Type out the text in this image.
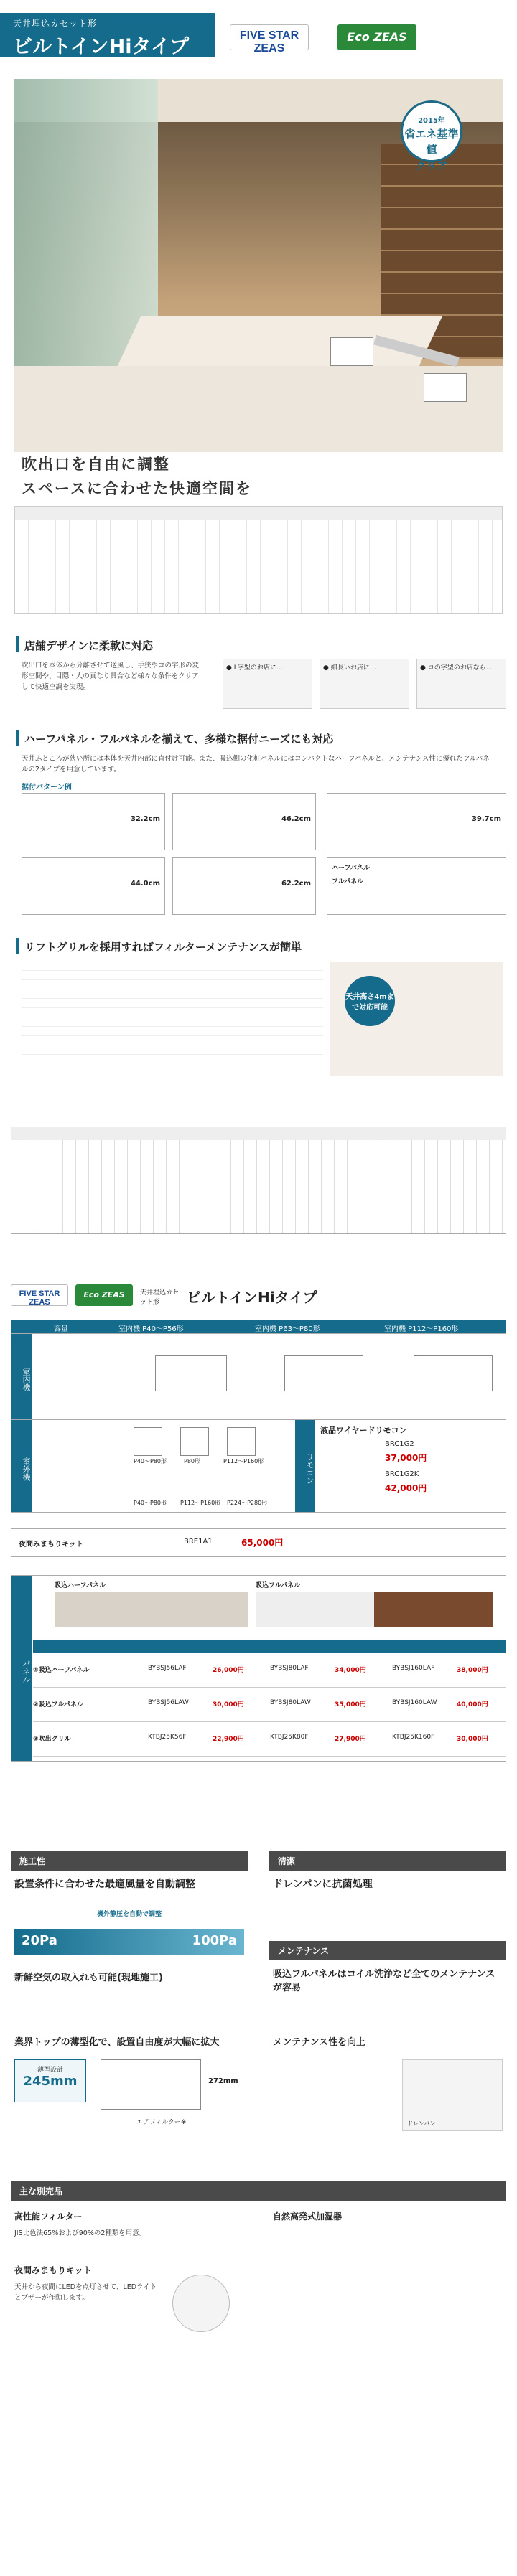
天井埋込カセット形
ビルトインHiタイプ
FIVE STAR ZEAS
Eco ZEAS
2015年
省エネ基準値
クリア
吹出口を自由に調整
スペースに合わせた快適空間を
店舗デザインに柔軟に対応
吹出口を本体から分離させて送風し、手狭やコの字形の変形空間や、目隠・人の真なり具合など様々な条件をクリアして快適空調を実現。
● L字型のお店に…	● 細長いお店に…	● コの字型のお店なら…
ハーフパネル・フルパネルを揃えて、多様な据付ニーズにも対応
天井ふところが狭い所には本体を天井内部に直付け可能。また、吸込側の化粧パネルにはコンパクトなハーフパネルと、メンテナンス性に優れたフルパネルの2タイプを用意しています。
据付パターン例
32.2cm	46.2cm
44.0cm	62.2cm
39.7cm
ハーフパネル
フルパネル
リフトグリルを採用すればフィルターメンテナンスが簡単
天井高さ4mまで対応可能
FIVE STAR ZEAS
Eco ZEAS	天井埋込カセット形	ビルトインHiタイプ
容量	室内機 P40〜P56形	室内機 P63〜P80形	室内機 P112〜P160形
室内機
室外機	P40〜P80形	P80形	P112〜P160形
P40〜P80形 P112〜P160形 P224〜P280形
リモコン
液晶ワイヤードリモコン
BRC1G2
37,000円
BRC1G2K
42,000円
夜間みまもりキット	BRE1A1	65,000円
パネル
吸込ハーフパネル	吸込フルパネル
①吸込ハーフパネル	BYBSJ56LAF	26,000円	BYBSJ80LAF	34,000円	BYBSJ160LAF	38,000円
②吸込フルパネル	BYBSJ56LAW	30,000円	BYBSJ80LAW	35,000円	BYBSJ160LAW	40,000円
③吹出グリル	KTBJ25K56F	22,900円	KTBJ25K80F	27,900円	KTBJ25K160F	30,000円
施工性	清潔
設置条件に合わせた最適風量を自動調整
機外静圧を自動で調整
20Pa	100Pa
新鮮空気の取入れも可能(現地施工)
業界トップの薄型化で、設置自由度が大幅に拡大
薄型設計
245mm	272mm
エアフィルター※
ドレンパンに抗菌処理
メンテナンス
吸込フルパネルはコイル洗浄など全てのメンテナンスが容易
メンテナンス性を向上
ドレンパン
主な別売品
高性能フィルター
JIS比色法65%および90%の2種類を用意。
自然高発式加湿器
夜間みまもりキット
天井から夜間にLEDを点灯させて、LEDライトとブザーが作動します。
